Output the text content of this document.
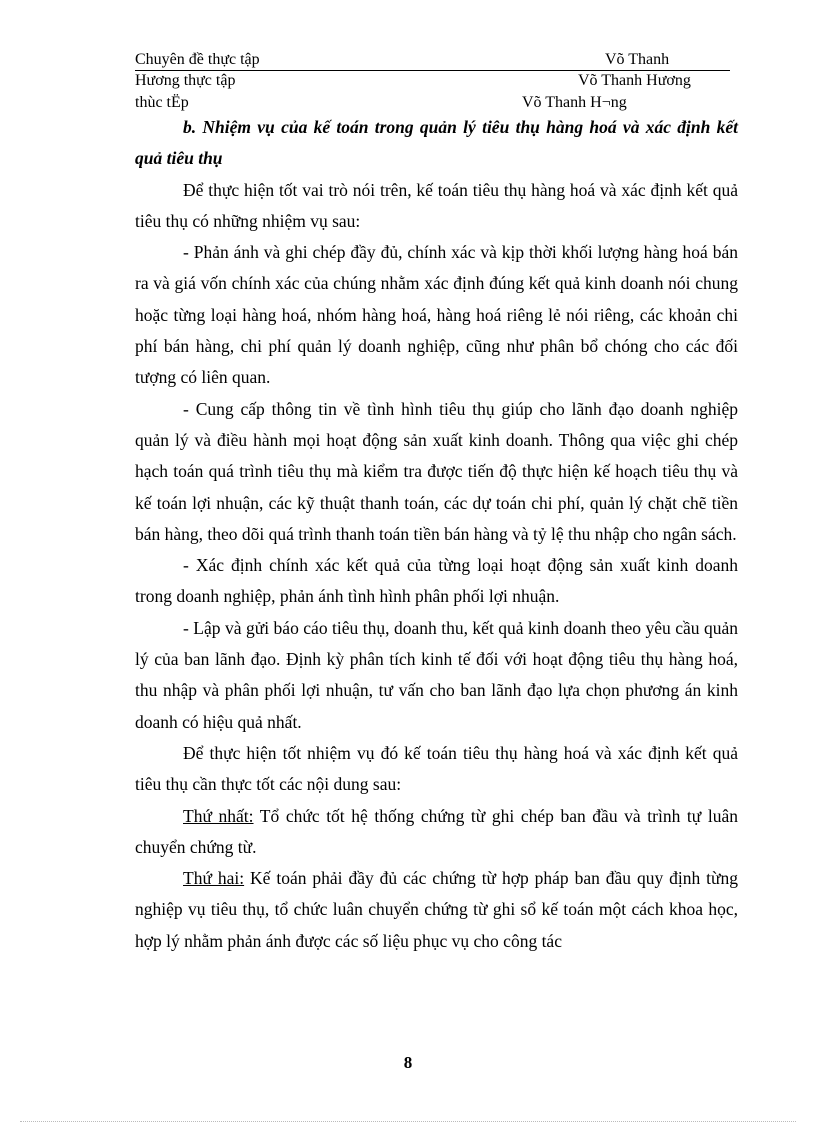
Chuyên đề thực tập	Võ Thanh
Hương thực tập	Võ Thanh Hương
thùc tËp	Võ Thanh H¬ng

b. Nhiệm vụ của kế toán trong quản lý tiêu thụ hàng hoá và xác định kết quả tiêu thụ

Để thực hiện tốt vai trò nói trên, kế toán tiêu thụ hàng hoá và xác định kết quả tiêu thụ có những nhiệm vụ sau:

- Phản ánh và ghi chép đầy đủ, chính xác và kịp thời khối lượng hàng hoá bán ra và giá vốn chính xác của chúng nhằm xác định đúng kết quả kinh doanh nói chung hoặc từng loại hàng hoá, nhóm hàng hoá, hàng hoá riêng lẻ nói riêng, các khoản chi phí bán hàng, chi phí quản lý doanh nghiệp, cũng như phân bổ chóng cho các đối tượng có liên quan.

- Cung cấp thông tin về tình hình tiêu thụ giúp cho lãnh đạo doanh nghiệp quản lý và điều hành mọi hoạt động sản xuất kinh doanh. Thông qua việc ghi chép hạch toán quá trình tiêu thụ mà kiểm tra được tiến độ thực hiện kế hoạch tiêu thụ và kế toán lợi nhuận, các kỹ thuật thanh toán, các dự toán chi phí, quản lý chặt chẽ tiền bán hàng, theo dõi quá trình thanh toán tiền bán hàng và tỷ lệ thu nhập cho ngân sách.

- Xác định chính xác kết quả của từng loại hoạt động sản xuất kinh doanh trong doanh nghiệp, phản ánh tình hình phân phối lợi nhuận.

- Lập và gửi báo cáo tiêu thụ, doanh thu, kết quả kinh doanh theo yêu cầu quản lý của ban lãnh đạo. Định kỳ phân tích kinh tế đối với hoạt động tiêu thụ hàng hoá, thu nhập và phân phối lợi nhuận, tư vấn cho ban lãnh đạo lựa chọn phương án kinh doanh có hiệu quả nhất.

Để thực hiện tốt nhiệm vụ đó kế toán tiêu thụ hàng hoá và xác định kết quả tiêu thụ cần thực tốt các nội dung sau:

Thứ nhất: Tổ chức tốt hệ thống chứng từ ghi chép ban đầu và trình tự luân chuyển chứng từ.

Thứ hai: Kế toán phải đầy đủ các chứng từ hợp pháp ban đầu quy định từng nghiệp vụ tiêu thụ, tổ chức luân chuyển chứng từ ghi sổ kế toán một cách khoa học, hợp lý nhằm phản ánh được các số liệu phục vụ cho công tác

8
